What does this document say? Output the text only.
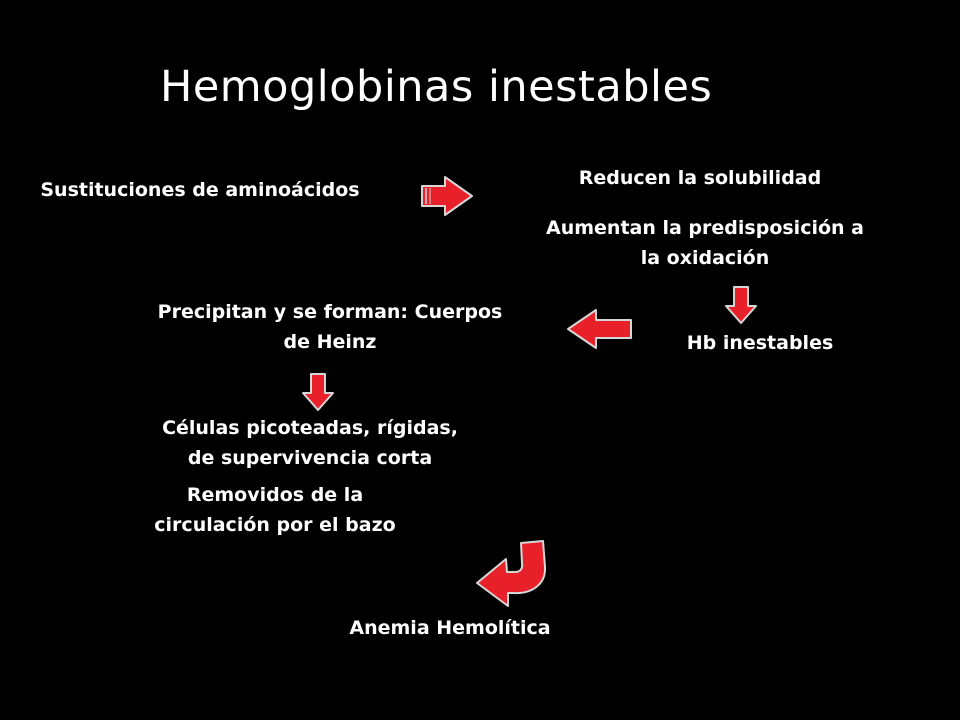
Hemoglobinas inestables
Sustituciones de aminoácidos
Reducen la solubilidad
Aumentan la predisposición a
la oxidación
Precipitan y se forman: Cuerpos
de Heinz	Hb inestables
Células picoteadas, rígidas,
de supervivencia corta
Removidos de la
circulación por el bazo
Anemia Hemolítica
